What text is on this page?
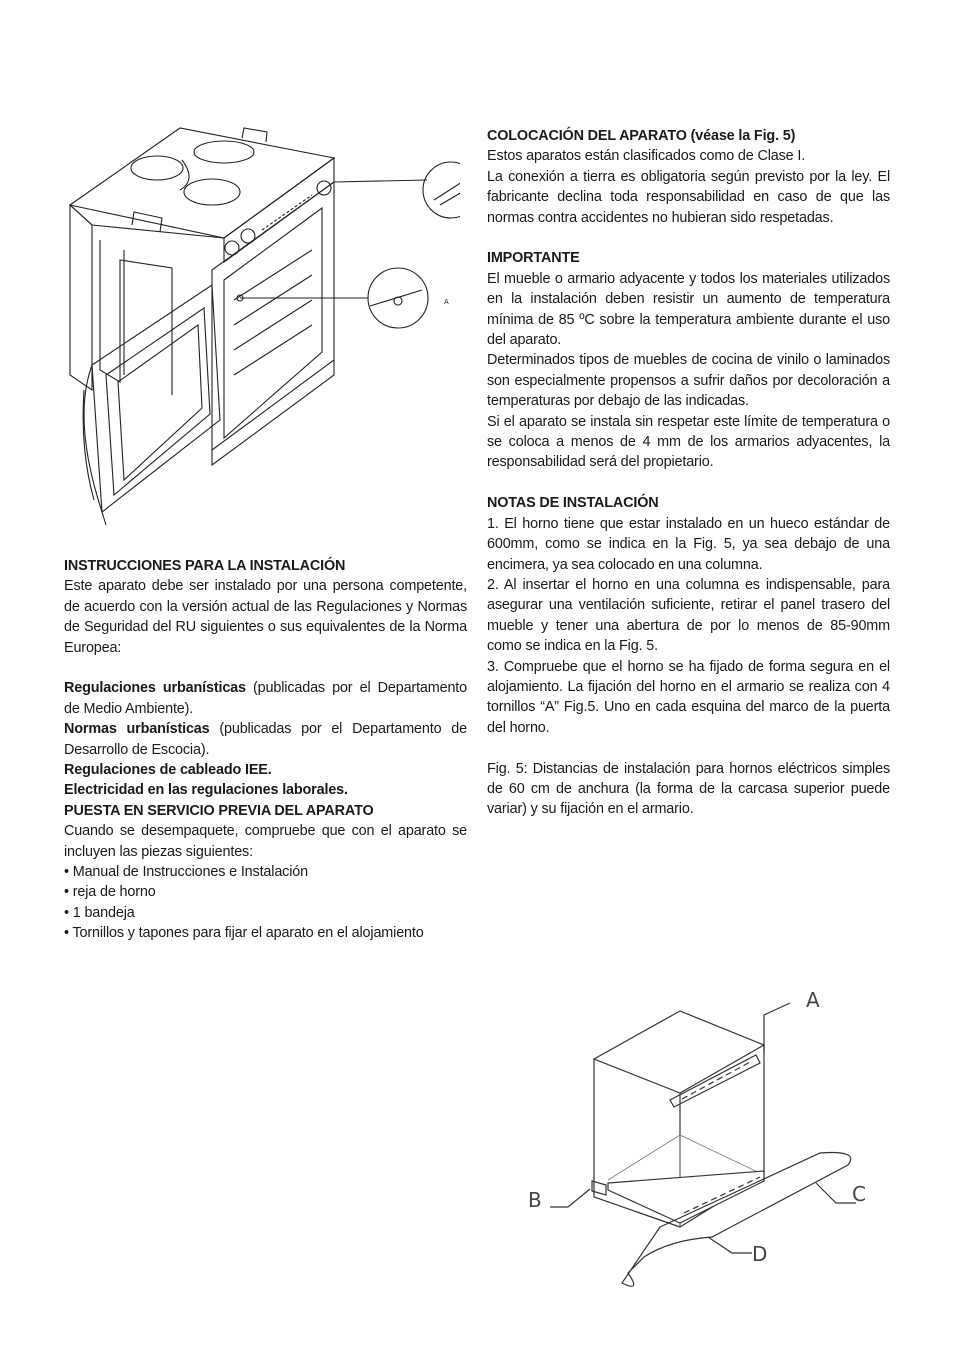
A

INSTRUCCIONES PARA LA INSTALACIÓN

Este aparato debe ser instalado por una persona competente, de acuerdo con la versión actual de las Regulaciones y Normas de Seguridad del RU siguientes o sus equivalentes de la Norma Europea:

Regulaciones urbanísticas (publicadas por el Departamento de Medio Ambiente).

Normas urbanísticas (publicadas por el Departamento de Desarrollo de Escocia).

Regulaciones de cableado IEE.

Electricidad en las regulaciones laborales.

PUESTA EN SERVICIO PREVIA DEL APARATO

Cuando se desempaquete, compruebe que con el aparato se incluyen las piezas siguientes:

• Manual de Instrucciones e Instalación

• reja de horno

• 1 bandeja

• Tornillos y tapones para fijar el aparato en el alojamiento

COLOCACIÓN DEL APARATO (véase la Fig. 5)

Estos aparatos están clasificados como de Clase I.

La conexión a tierra es obligatoria según previsto por la ley. El fabricante declina toda responsabilidad en caso de que las normas contra accidentes no hubieran sido respetadas.

IMPORTANTE

El mueble o armario adyacente y todos los materiales utilizados en la instalación deben resistir un aumento de temperatura mínima de 85 ºC sobre la temperatura ambiente durante el uso del aparato.

Determinados tipos de muebles de cocina de vinilo o laminados son especialmente propensos a sufrir daños por decoloración a temperaturas por debajo de las indicadas.

Si el aparato se instala sin respetar este límite de temperatura o se coloca a menos de 4 mm de los armarios adyacentes, la responsabilidad será del propietario.

NOTAS DE INSTALACIÓN

1. El horno tiene que estar instalado en un hueco estándar de 600mm, como se indica en la Fig. 5, ya sea debajo de una encimera, ya sea colocado en una columna.

2. Al insertar el horno en una columna es indispensable, para asegurar una ventilación suficiente, retirar el panel trasero del mueble y tener una abertura de por lo menos de 85-90mm como se indica en la Fig. 5.

3. Compruebe que el horno se ha fijado de forma segura en el alojamiento. La fijación del horno en el armario se realiza con 4 tornillos “A” Fig.5. Uno en cada esquina del marco de la puerta del horno.

Fig. 5: Distancias de instalación para hornos eléctricos simples de 60 cm de anchura (la forma de la carcasa superior puede variar) y su fijación en el armario.

A
B	C
D
